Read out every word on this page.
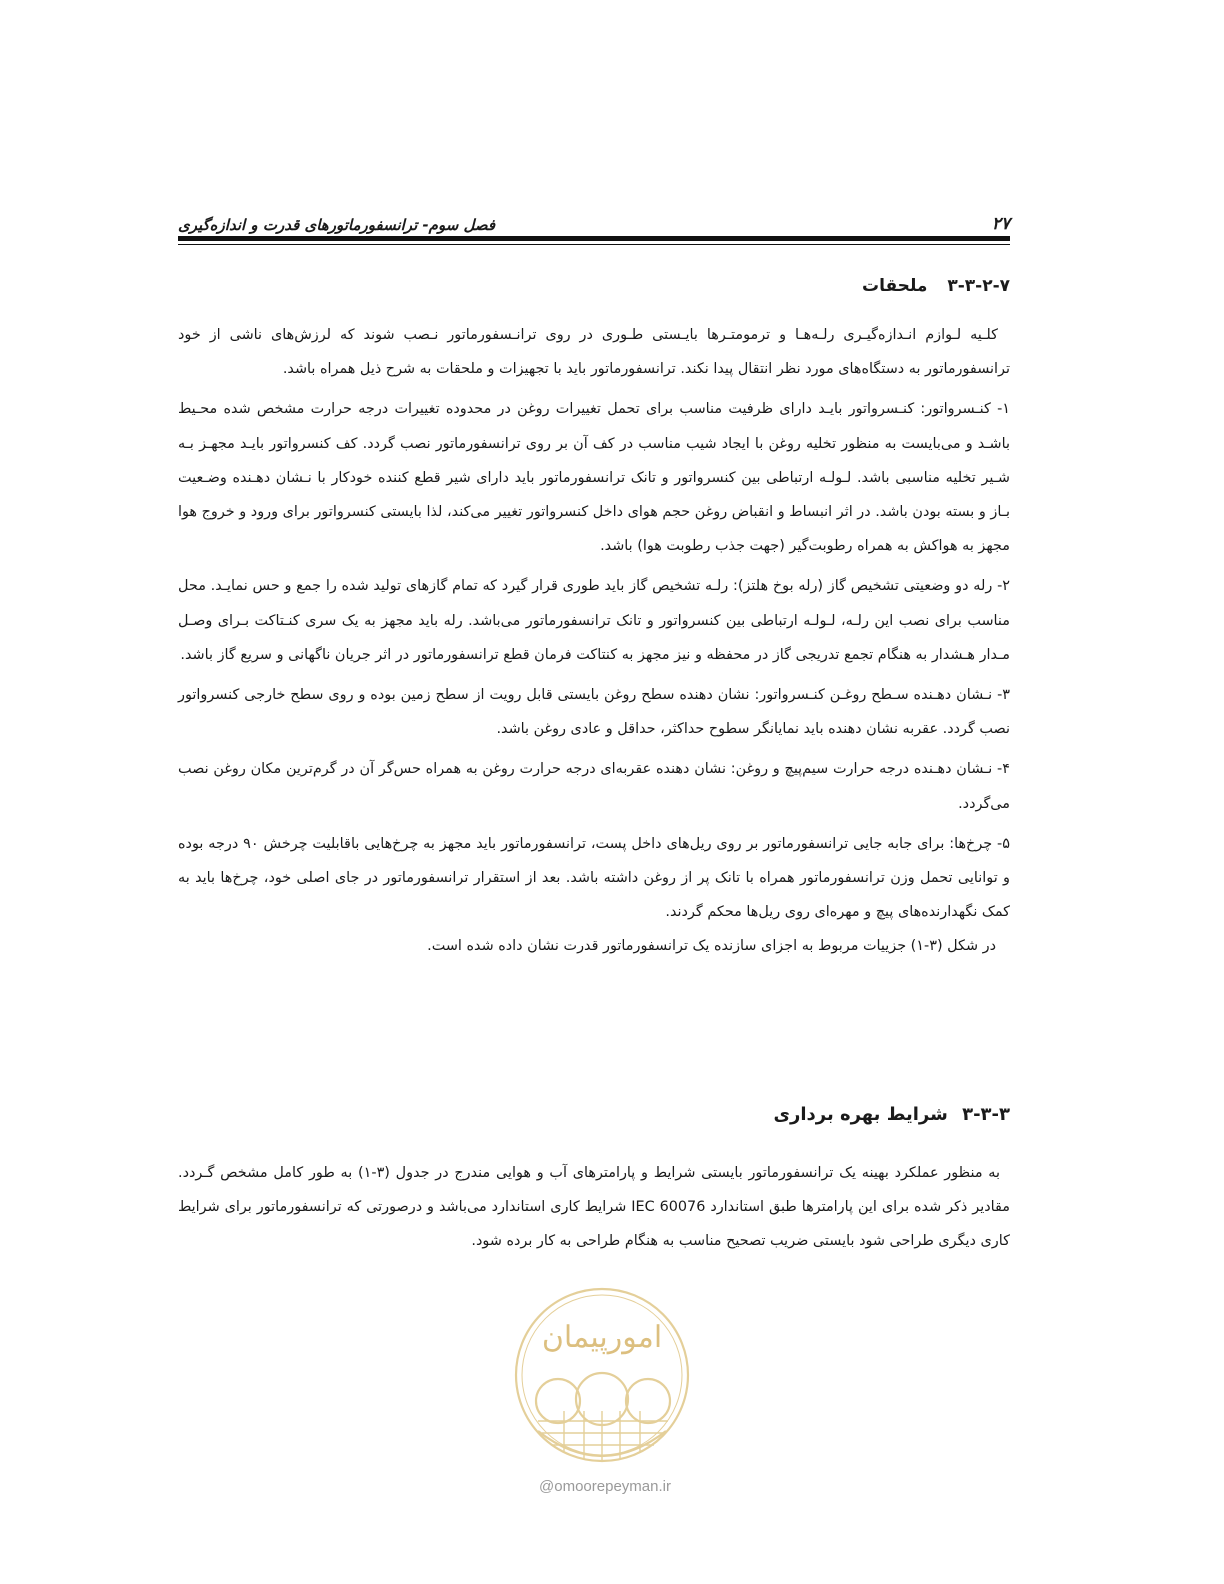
۲۷
فصل سوم- ترانسفورماتورهای قدرت و اندازه‌گیری
۳-۳-۲-۷ ملحقات

کلـیه لـوازم انـدازه‌گیـری رلـه‌هـا و ترمومتـرها بایـستی طـوری در روی ترانـسفورماتور نـصب شوند که لرزش‌های ناشی از خود ترانسفورماتور به دستگاه‌های مورد نظر انتقال پیدا نکند. ترانسفورماتور باید با تجهیزات و ملحقات به شرح ذیل همراه باشد.

۱- کنـسرواتور: کنـسرواتور بایـد دارای ظرفیت مناسب برای تحمل تغییرات روغن در محدوده تغییرات درجه حرارت مشخص شده محـیط باشـد و می‌بایست به منظور تخلیه روغن با ایجاد شیب مناسب در کف آن بر روی ترانسفورماتور نصب گردد. کف کنسرواتور بایـد مجهـز بـه شـیر تخلیه مناسبی باشد. لـولـه ارتباطی بین کنسرواتور و تانک ترانسفورماتور باید دارای شیر قطع کننده خودکار با نـشان دهـنده وضـعیت بـاز و بسته بودن باشد. در اثر انبساط و انقباض روغن حجم هوای داخل کنسرواتور تغییر می‌کند، لذا بایستی کنسرواتور برای ورود و خروج هوا مجهز به هواکش به همراه رطوبت‌گیر (جهت جذب رطوبت هوا) باشد.

۲- رله دو وضعیتی تشخیص گاز (رله بوخ هلتز): رلـه تشخیص گاز باید طوری قرار گیرد که تمام گازهای تولید شده را جمع و حس نمایـد. محل مناسب برای نصب این رلـه، لـولـه ارتباطی بین کنسرواتور و تانک ترانسفورماتور می‌باشد. رله باید مجهز به یک سری کنـتاکت بـرای وصـل مـدار هـشدار به هنگام تجمع تدریجی گاز در محفظه و نیز مجهز به کنتاکت فرمان قطع ترانسفورماتور در اثر جریان ناگهانی و سریع گاز باشد.

۳- نـشان دهـنده سـطح روغـن کنـسرواتور: نشان دهنده سطح روغن بایستی قابل رویت از سطح زمین بوده و روی سطح خارجی کنسرواتور نصب گردد. عقربه نشان دهنده باید نمایانگر سطوح حداکثر، حداقل و عادی روغن باشد.

۴- نـشان دهـنده درجه حرارت سیم‌پیچ و روغن: نشان دهنده عقربه‌ای درجه حرارت روغن به همراه حس‌گر آن در گرم‌ترین مکان روغن نصب می‌گردد.

۵- چرخ‌ها: برای جابه جایی ترانسفورماتور بر روی ریل‌های داخل پست، ترانسفورماتور باید مجهز به چرخ‌هایی باقابلیت چرخش ۹۰ درجه بوده و توانایی تحمل وزن ترانسفورماتور همراه با تانک پر از روغن داشته باشد. بعد از استقرار ترانسفورماتور در جای اصلی خود، چرخ‌ها باید به کمک نگهدارنده‌های پیچ و مهره‌ای روی ریل‌ها محکم گردند.

در شکل (۳-۱) جزییات مربوط به اجزای سازنده یک ترانسفورماتور قدرت نشان داده شده است.

۳-۳-۳ شرایط بهره برداری

به منظور عملکرد بهینه یک ترانسفورماتور بایستی شرایط و پارامترهای آب و هوایی مندرج در جدول (۳-۱) به طور کامل مشخص گـردد. مقادیر ذکر شده برای این پارامترها طبق استاندارد IEC 60076 شرایط کاری استاندارد می‌باشد و درصورتی که ترانسفورماتور برای شرایط کاری دیگری طراحی شود بایستی ضریب تصحیح مناسب به هنگام طراحی به کار برده شود.

امورپیمان
@omoorepeyman.ir
